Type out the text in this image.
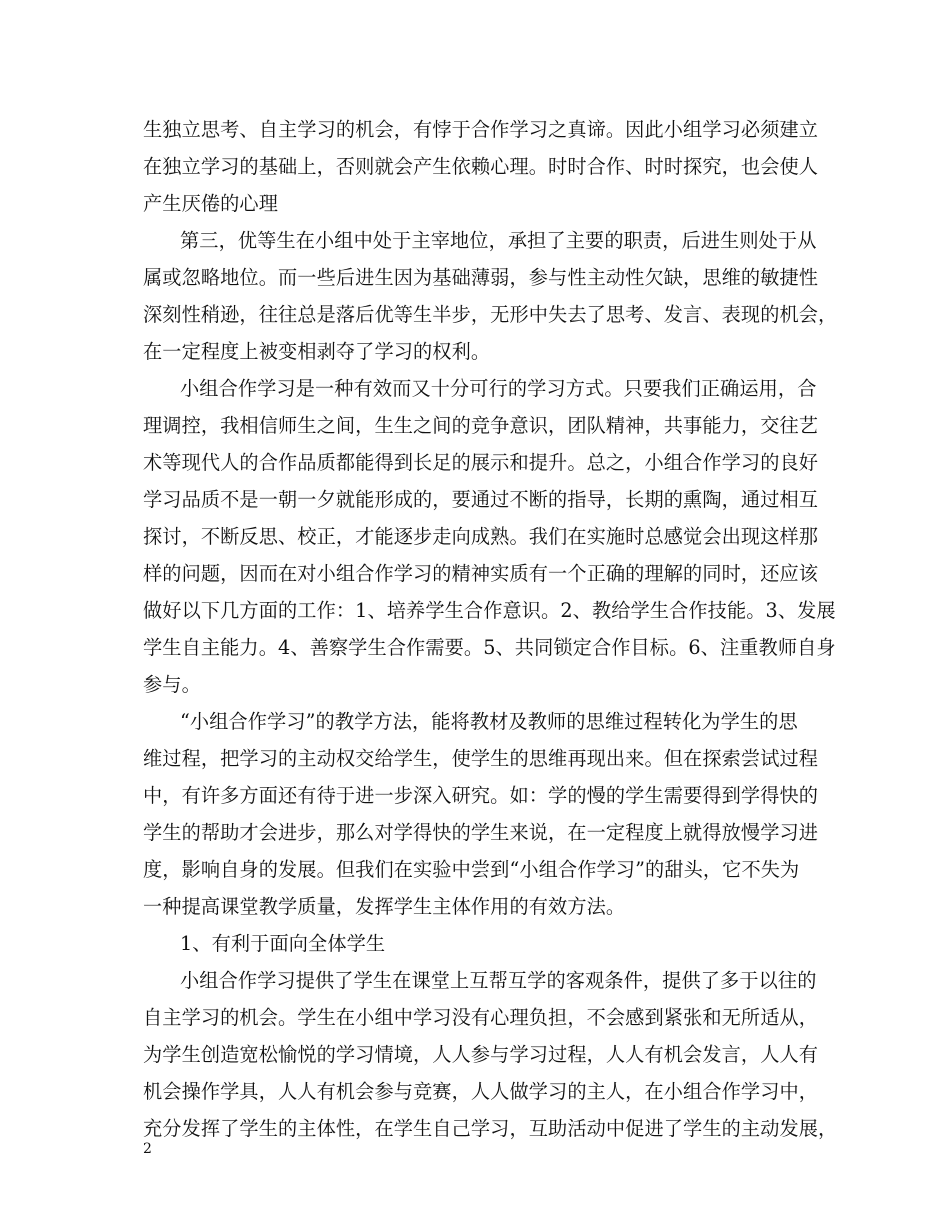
生独立思考、自主学习的机会，有悖于合作学习之真谛。因此小组学习必须建立
在独立学习的基础上，否则就会产生依赖心理。时时合作、时时探究，也会使人
产生厌倦的心理
第三，优等生在小组中处于主宰地位，承担了主要的职责，后进生则处于从
属或忽略地位。而一些后进生因为基础薄弱，参与性主动性欠缺，思维的敏捷性
深刻性稍逊，往往总是落后优等生半步，无形中失去了思考、发言、表现的机会，
在一定程度上被变相剥夺了学习的权利。
小组合作学习是一种有效而又十分可行的学习方式。只要我们正确运用，合
理调控，我相信师生之间，生生之间的竞争意识，团队精神，共事能力，交往艺
术等现代人的合作品质都能得到长足的展示和提升。总之，小组合作学习的良好
学习品质不是一朝一夕就能形成的，要通过不断的指导，长期的熏陶，通过相互
探讨，不断反思、校正，才能逐步走向成熟。我们在实施时总感觉会出现这样那
样的问题，因而在对小组合作学习的精神实质有一个正确的理解的同时，还应该
做好以下几方面的工作：1、培养学生合作意识。2、教给学生合作技能。3、发展
学生自主能力。4、善察学生合作需要。5、共同锁定合作目标。6、注重教师自身
参与。
“小组合作学习”的教学方法，能将教材及教师的思维过程转化为学生的思
维过程，把学习的主动权交给学生，使学生的思维再现出来。但在探索尝试过程
中，有许多方面还有待于进一步深入研究。如：学的慢的学生需要得到学得快的
学生的帮助才会进步，那么对学得快的学生来说，在一定程度上就得放慢学习进
度，影响自身的发展。但我们在实验中尝到“小组合作学习”的甜头，它不失为
一种提高课堂教学质量，发挥学生主体作用的有效方法。
1、有利于面向全体学生
小组合作学习提供了学生在课堂上互帮互学的客观条件，提供了多于以往的
自主学习的机会。学生在小组中学习没有心理负担，不会感到紧张和无所适从，
为学生创造宽松愉悦的学习情境，人人参与学习过程，人人有机会发言，人人有
机会操作学具，人人有机会参与竞赛，人人做学习的主人，在小组合作学习中，
充分发挥了学生的主体性，在学生自己学习，互助活动中促进了学生的主动发展，
2
